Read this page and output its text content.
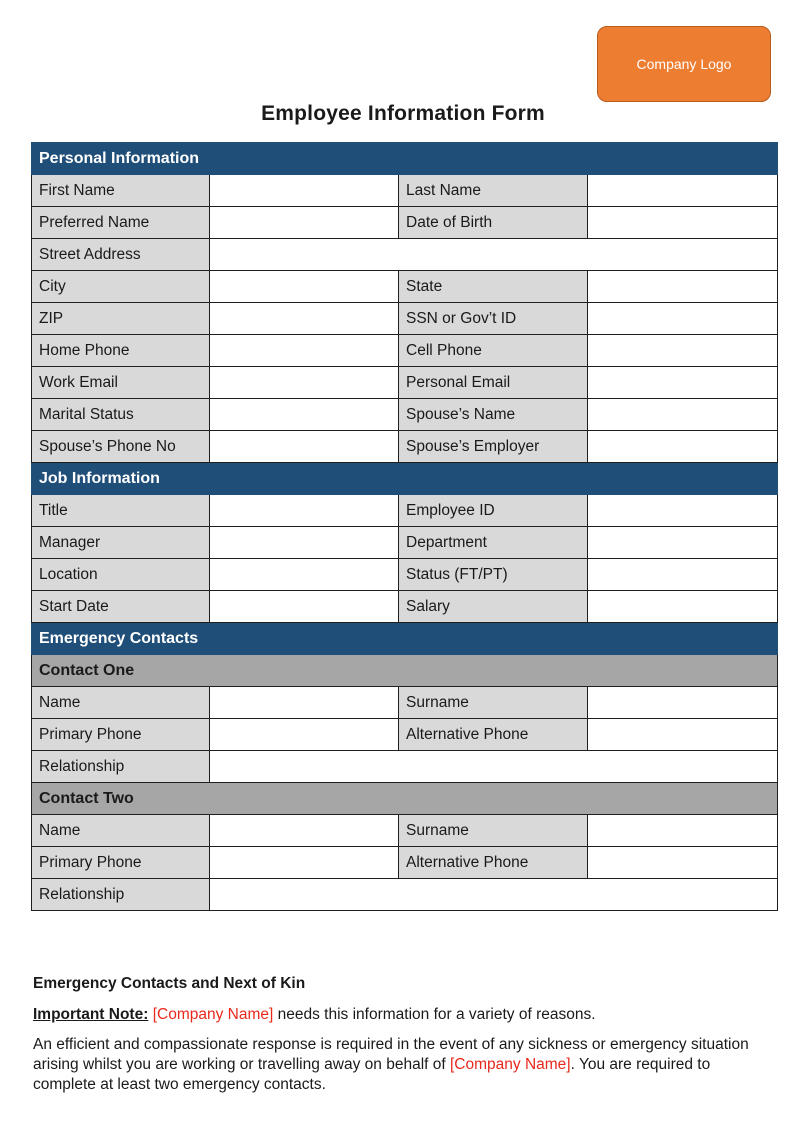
Company Logo
Employee Information Form
Personal Information			
First Name		Last Name	
Preferred Name		Date of Birth	
Street Address			
City		State	
ZIP		SSN or Gov’t ID	
Home Phone		Cell Phone	
Work Email		Personal Email	
Marital Status		Spouse’s Name	
Spouse’s Phone No		Spouse’s Employer	
Job Information			
Title		Employee ID	
Manager		Department	
Location		Status (FT/PT)	
Start Date		Salary	
Emergency Contacts			
Contact One			
Name		Surname	
Primary Phone		Alternative Phone	
Relationship			
Contact Two			
Name		Surname	
Primary Phone		Alternative Phone	
Relationship			

Emergency Contacts and Next of Kin

Important Note: [Company Name] needs this information for a variety of reasons.

An efficient and compassionate response is required in the event of any sickness or emergency situation arising whilst you are working or travelling away on behalf of [Company Name]. You are required to complete at least two emergency contacts.
